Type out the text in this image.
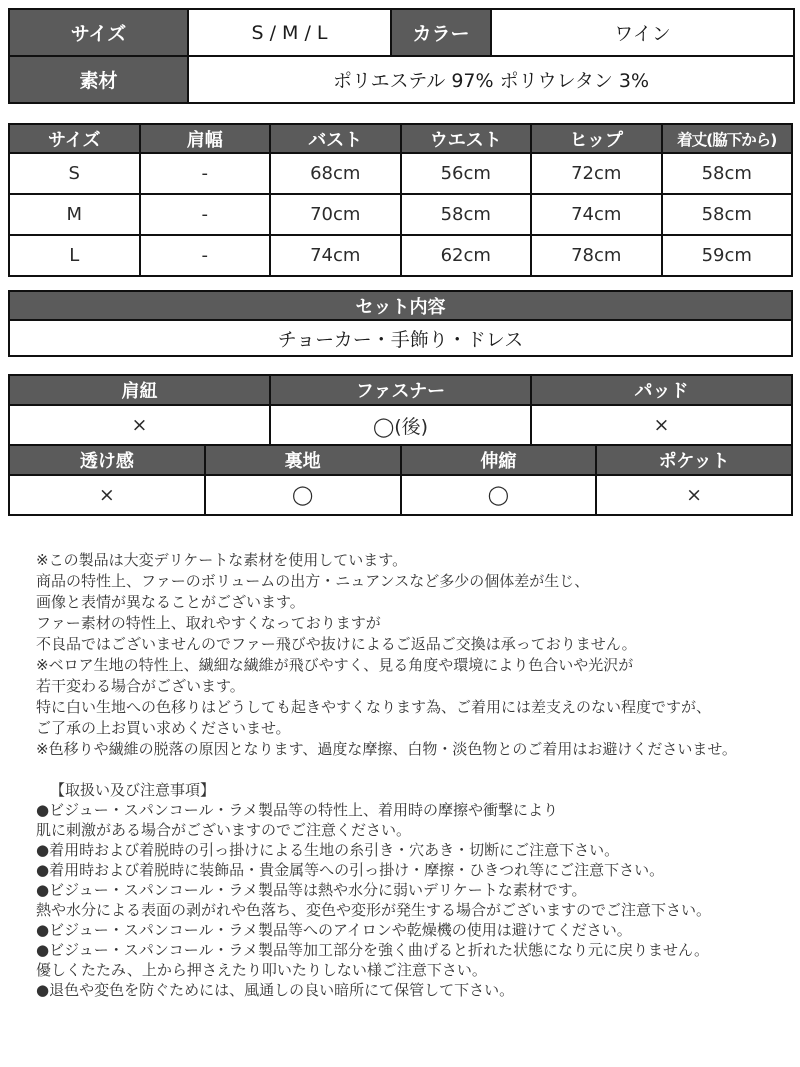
サイズ	S / M / L	カラー	ワイン
素材	ポリエステル 97% ポリウレタン 3%		
サイズ	肩幅	バスト	ウエスト	ヒップ	着丈(脇下から)
S	-	68cm	56cm	72cm	58cm
M	-	70cm	58cm	74cm	58cm
L	-	74cm	62cm	78cm	59cm
セット内容
チョーカー・手飾り・ドレス
肩紐	ファスナー	パッド
×	◯(後)	×
透け感	裏地	伸縮	ポケット
×	◯	◯	×
※この製品は大変デリケートな素材を使用しています。
商品の特性上、ファーのボリュームの出方・ニュアンスなど多少の個体差が生じ、
画像と表情が異なることがございます。
ファー素材の特性上、取れやすくなっておりますが
不良品ではございませんのでファー飛びや抜けによるご返品ご交換は承っておりません。
※ベロア生地の特性上、繊細な繊維が飛びやすく、見る角度や環境により色合いや光沢が
若干変わる場合がございます。
特に白い生地への色移りはどうしても起きやすくなります為、ご着用には差支えのない程度ですが、
ご了承の上お買い求めくださいませ。
※色移りや繊維の脱落の原因となります、過度な摩擦、白物・淡色物とのご着用はお避けくださいませ。
【取扱い及び注意事項】
●ビジュー・スパンコール・ラメ製品等の特性上、着用時の摩擦や衝撃により
肌に刺激がある場合がございますのでご注意ください。
●着用時および着脱時の引っ掛けによる生地の糸引き・穴あき・切断にご注意下さい。
●着用時および着脱時に装飾品・貴金属等への引っ掛け・摩擦・ひきつれ等にご注意下さい。
●ビジュー・スパンコール・ラメ製品等は熱や水分に弱いデリケートな素材です。
熱や水分による表面の剥がれや色落ち、変色や変形が発生する場合がございますのでご注意下さい。
●ビジュー・スパンコール・ラメ製品等へのアイロンや乾燥機の使用は避けてください。
●ビジュー・スパンコール・ラメ製品等加工部分を強く曲げると折れた状態になり元に戻りません。
優しくたたみ、上から押さえたり叩いたりしない様ご注意下さい。
●退色や変色を防ぐためには、風通しの良い暗所にて保管して下さい。
